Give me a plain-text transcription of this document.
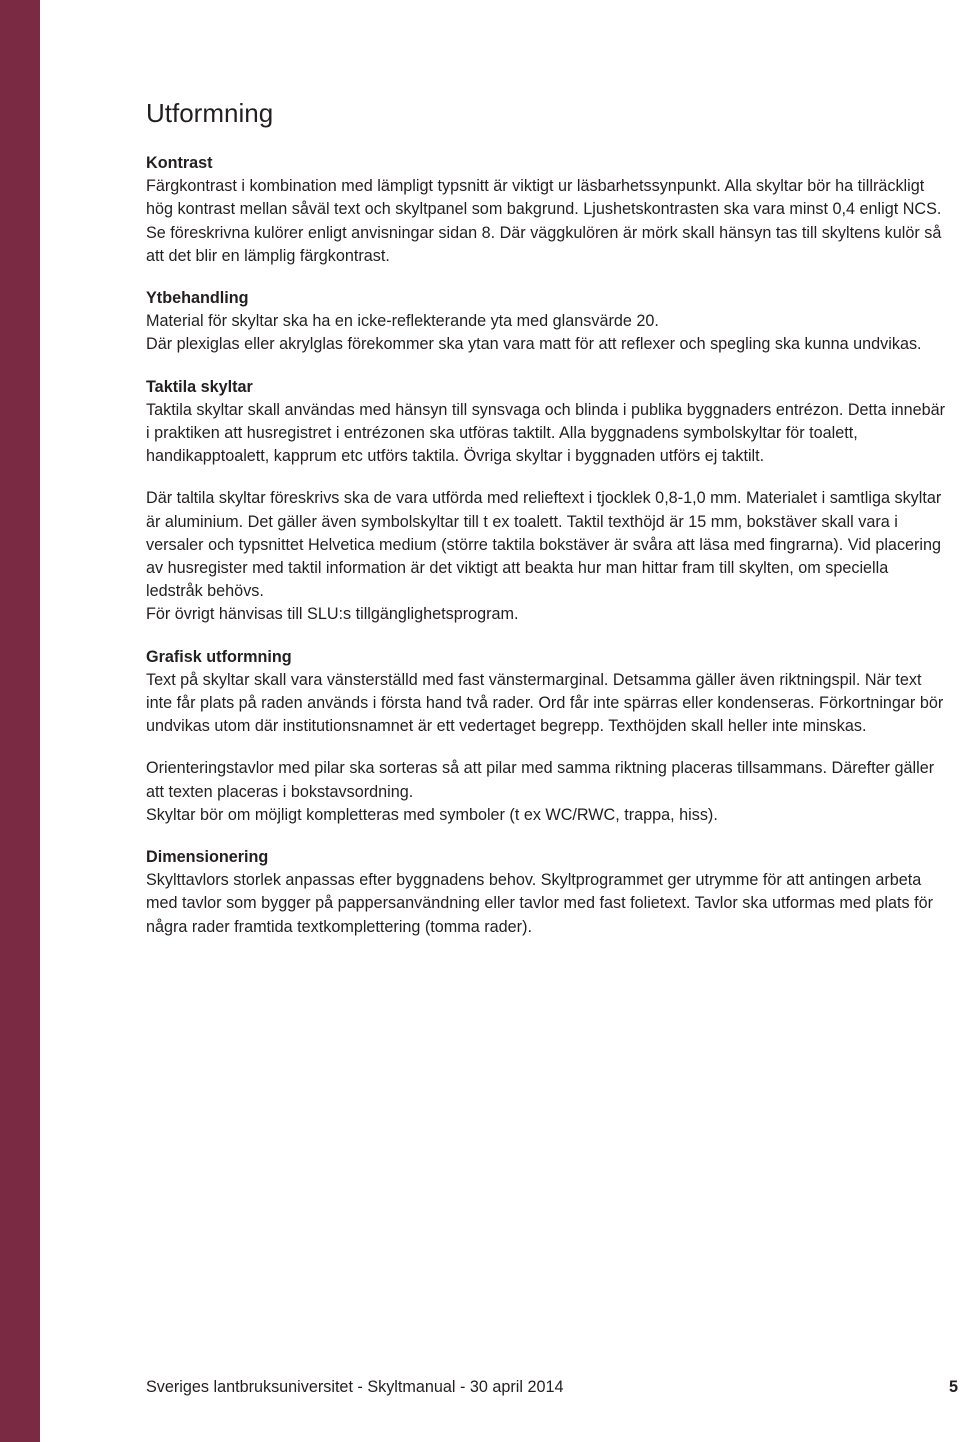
Utformning

Kontrast

Färgkontrast i kombination med lämpligt typsnitt är viktigt ur läsbarhetssynpunkt. Alla skyltar bör ha tillräckligt hög kontrast mellan såväl text och skyltpanel som bakgrund. Ljushetskontrasten ska vara minst 0,4 enligt NCS. Se föreskrivna kulörer enligt anvisningar sidan 8. Där väggkulören är mörk skall hänsyn tas till skyltens kulör så att det blir en lämplig färgkontrast.

Ytbehandling

Material för skyltar ska ha en icke-reflekterande yta med glansvärde 20.

Där plexiglas eller akrylglas förekommer ska ytan vara matt för att reflexer och spegling ska kunna undvikas.

Taktila skyltar

Taktila skyltar skall användas med hänsyn till synsvaga och blinda i publika byggnaders entrézon. Detta innebär i praktiken att husregistret i entrézonen ska utföras taktilt. Alla byggnadens symbolskyltar för toalett, handikapptoalett, kapprum etc utförs taktila. Övriga skyltar i byggnaden utförs ej taktilt.

Där taltila skyltar föreskrivs ska de vara utförda med relieftext i tjocklek 0,8-1,0 mm. Materialet i samtliga skyltar är aluminium. Det gäller även symbolskyltar till t ex toalett. Taktil texthöjd är 15 mm, bokstäver skall vara i versaler och typsnittet Helvetica medium (större taktila bokstäver är svåra att läsa med fingrarna). Vid placering av husregister med taktil information är det viktigt att beakta hur man hittar fram till skylten, om speciella ledstråk behövs.

För övrigt hänvisas till SLU:s tillgänglighetsprogram.

Grafisk utformning

Text på skyltar skall vara vänsterställd med fast vänstermarginal. Detsamma gäller även riktningspil. När text inte får plats på raden används i första hand två rader. Ord får inte spärras eller kondenseras. Förkortningar bör undvikas utom där institutionsnamnet är ett vedertaget begrepp. Texthöjden skall heller inte minskas.

Orienteringstavlor med pilar ska sorteras så att pilar med samma riktning placeras tillsammans. Därefter gäller att texten placeras i bokstavsordning.

Skyltar bör om möjligt kompletteras med symboler (t ex WC/RWC, trappa, hiss).

Dimensionering

Skylttavlors storlek anpassas efter byggnadens behov. Skyltprogrammet ger utrymme för att antingen arbeta med tavlor som bygger på pappersanvändning eller tavlor med fast folietext. Tavlor ska utformas med plats för några rader framtida textkomplettering (tomma rader).

Sveriges lantbruksuniversitet - Skyltmanual - 30 april 2014	5
